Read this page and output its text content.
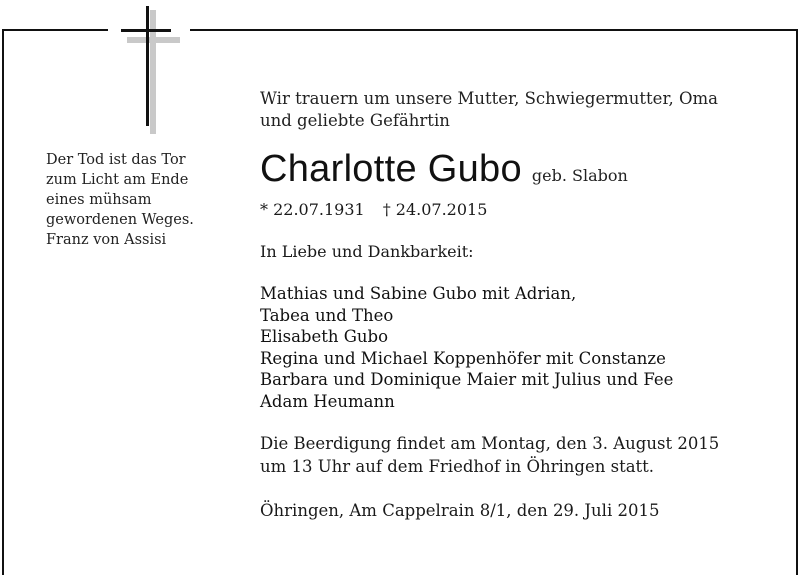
Der Tod ist das Tor
zum Licht am Ende
eines mühsam
gewordenen Weges.
Franz von Assisi
Wir trauern um unsere Mutter, Schwiegermutter, Oma
und geliebte Gefährtin
Charlotte Gubo geb. Slabon
* 22.07.1931 † 24.07.2015
In Liebe und Dankbarkeit:
Mathias und Sabine Gubo mit Adrian,
Tabea und Theo
Elisabeth Gubo
Regina und Michael Koppenhöfer mit Constanze
Barbara und Dominique Maier mit Julius und Fee
Adam Heumann
Die Beerdigung findet am Montag, den 3. August 2015
um 13 Uhr auf dem Friedhof in Öhringen statt.
Öhringen, Am Cappelrain 8/1, den 29. Juli 2015
